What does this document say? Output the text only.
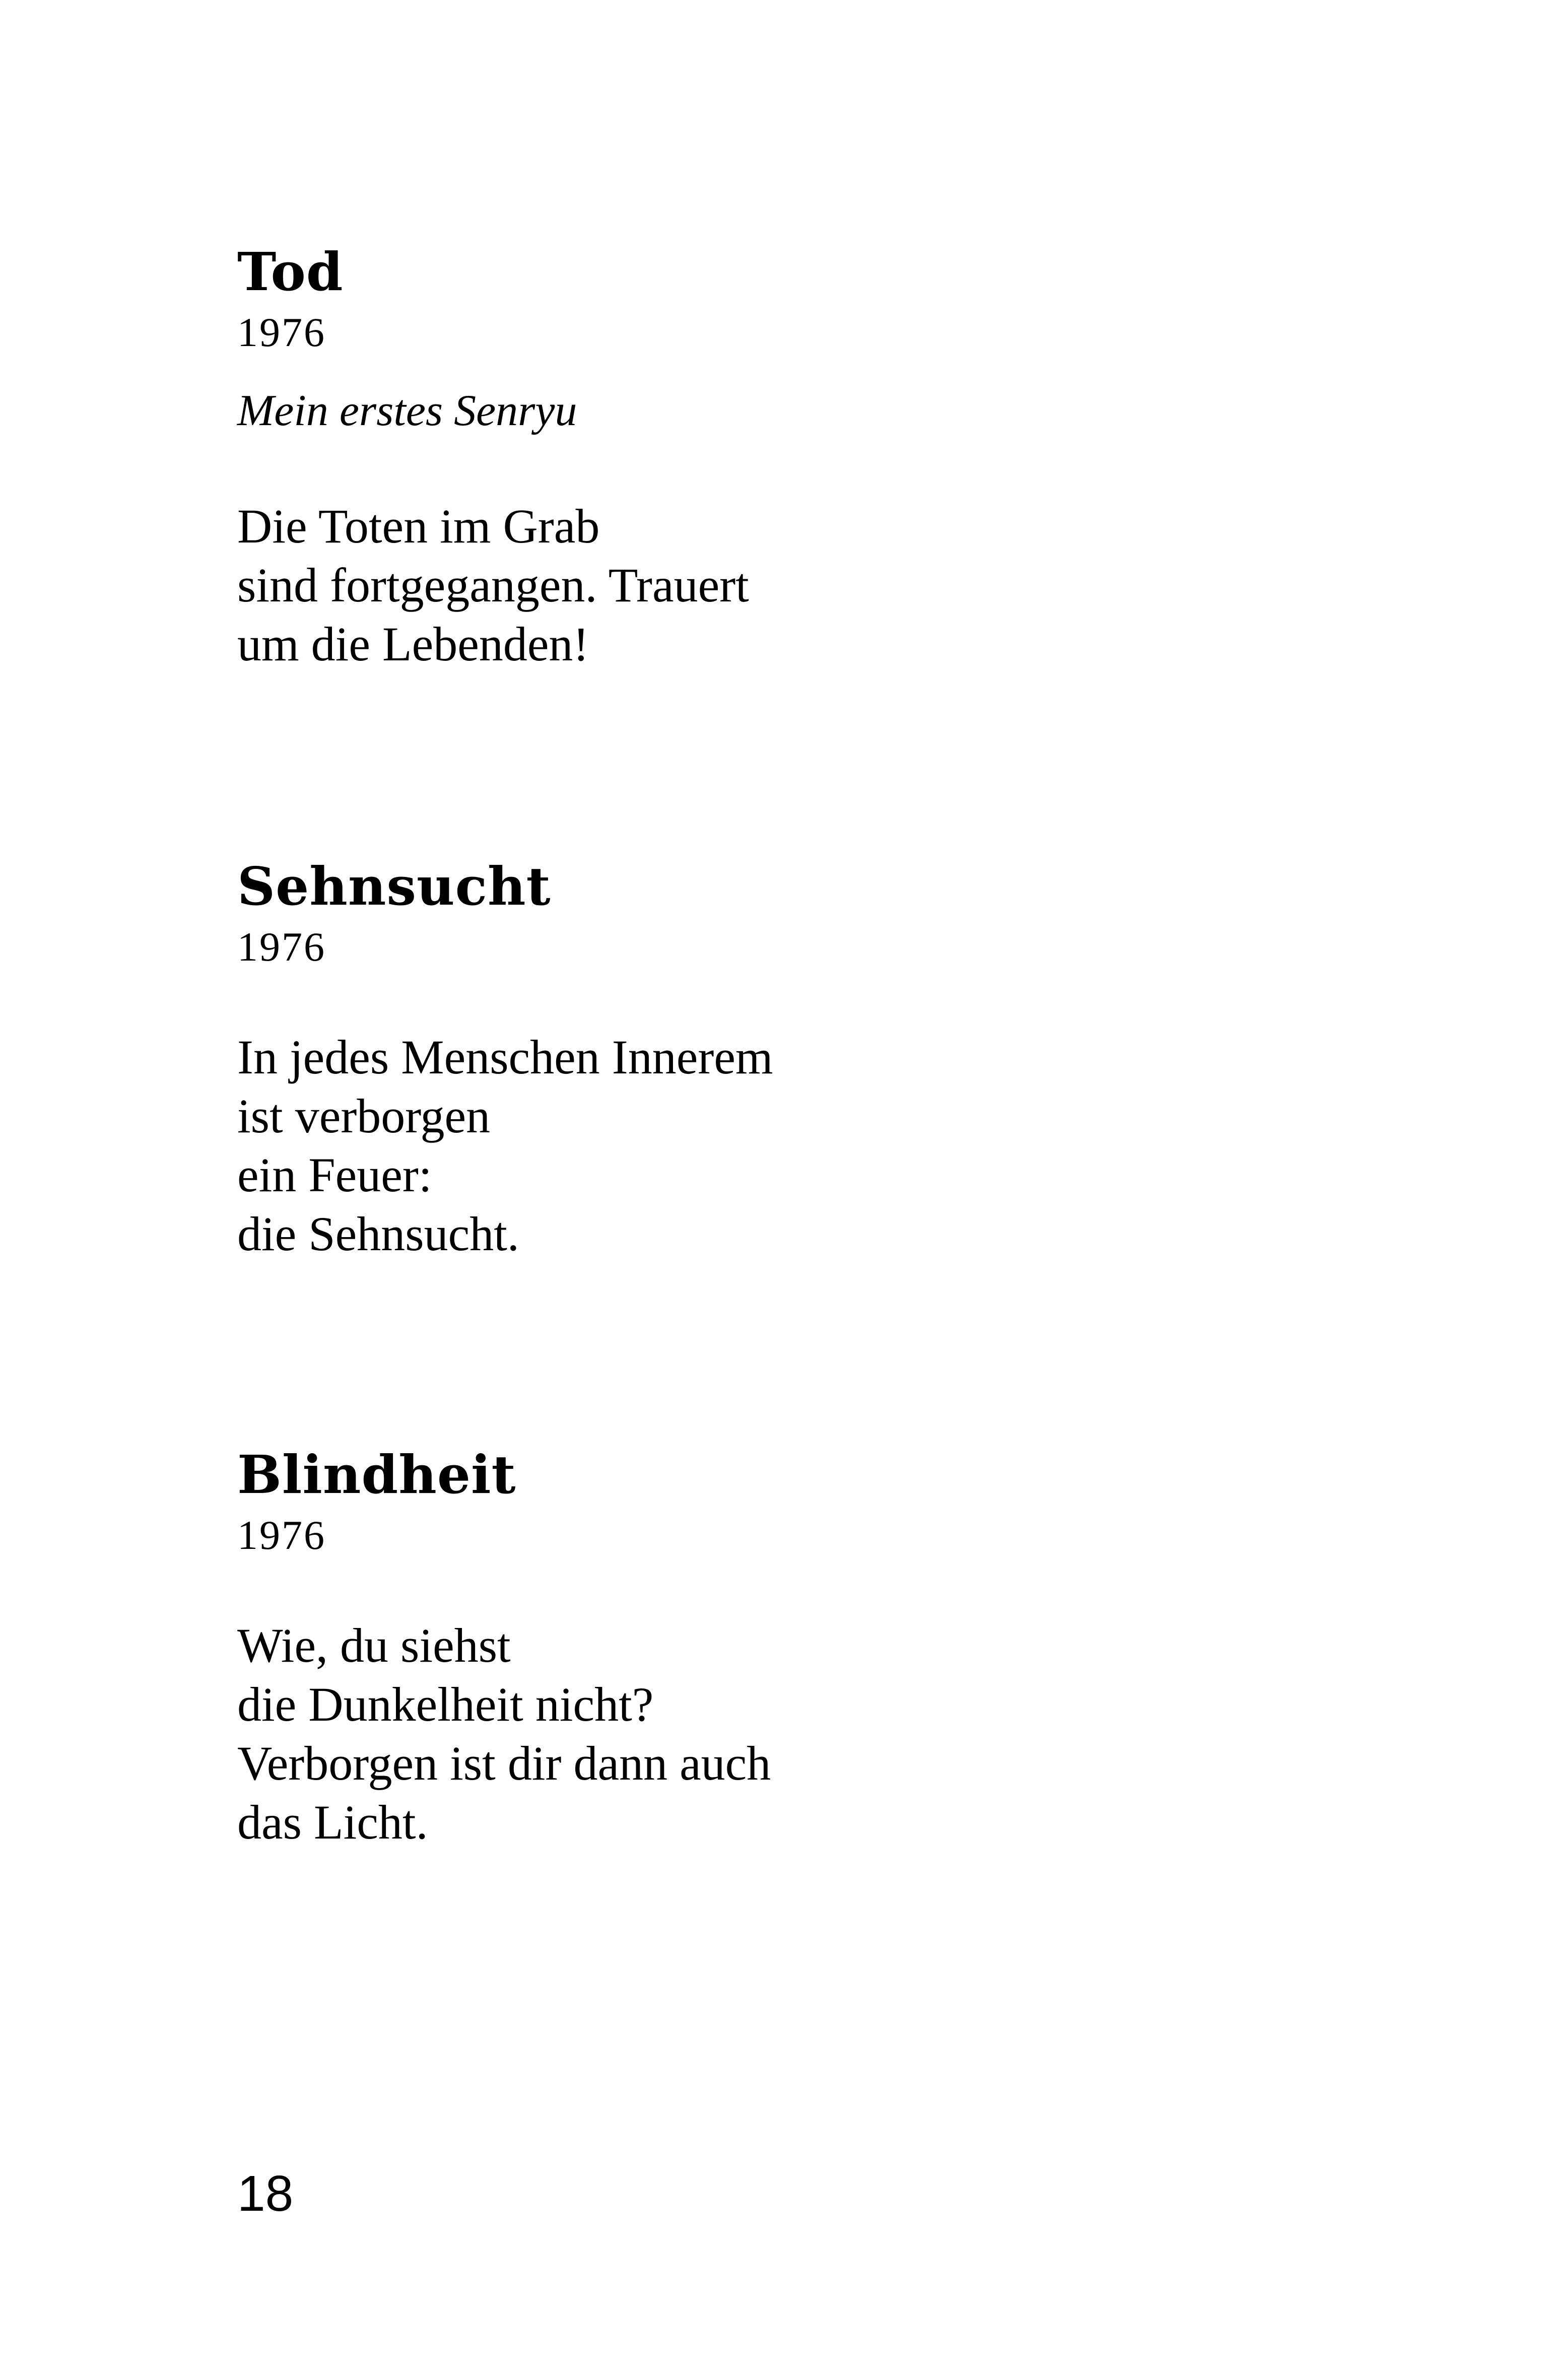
Tod
1976
Mein erstes Senryu
Die Toten im Grab
sind fortgegangen. Trauert
um die Lebenden!
Sehnsucht
1976
In jedes Menschen Innerem
ist verborgen
ein Feuer:
die Sehnsucht.
Blindheit
1976
Wie, du siehst
die Dunkelheit nicht?
Verborgen ist dir dann auch
das Licht.
18
